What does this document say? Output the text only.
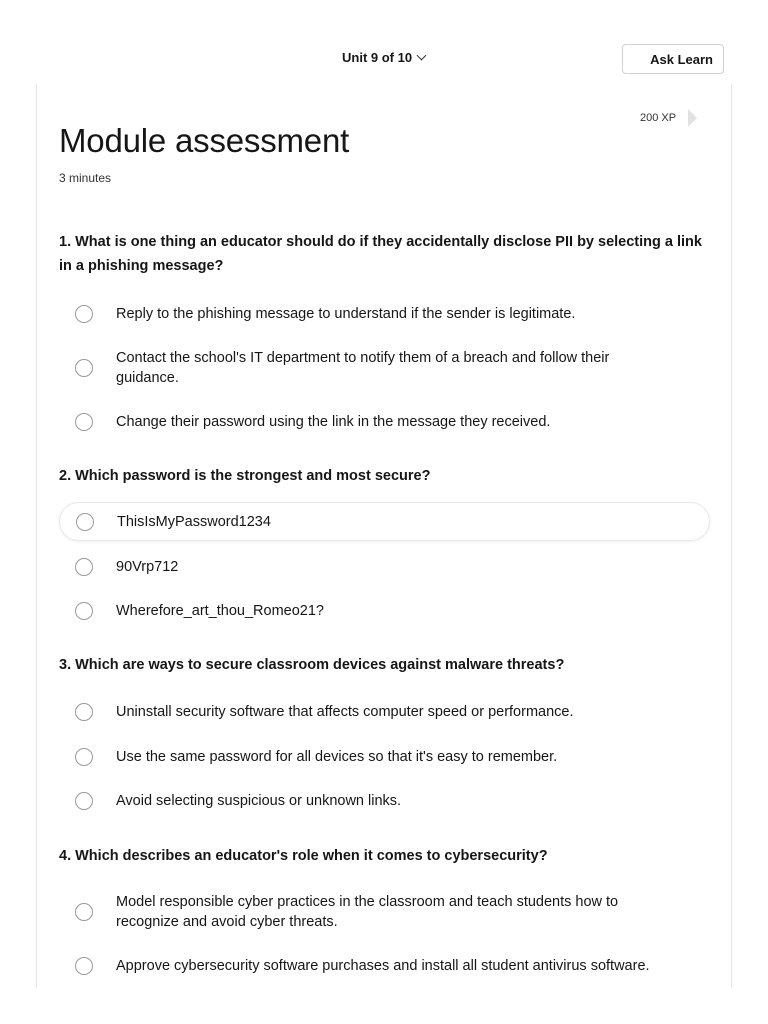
Unit 9 of 10	Ask Learn
200 XP
Module assessment
3 minutes
1. What is one thing an educator should do if they accidentally disclose PII by selecting a link in a phishing message?
Reply to the phishing message to understand if the sender is legitimate.
Contact the school's IT department to notify them of a breach and follow their guidance.
Change their password using the link in the message they received.
2. Which password is the strongest and most secure?
ThisIsMyPassword1234
90Vrp712
Wherefore_art_thou_Romeo21?
3. Which are ways to secure classroom devices against malware threats?
Uninstall security software that affects computer speed or performance.
Use the same password for all devices so that it's easy to remember.
Avoid selecting suspicious or unknown links.
4. Which describes an educator's role when it comes to cybersecurity?
Model responsible cyber practices in the classroom and teach students how to recognize and avoid cyber threats.
Approve cybersecurity software purchases and install all student antivirus software.
